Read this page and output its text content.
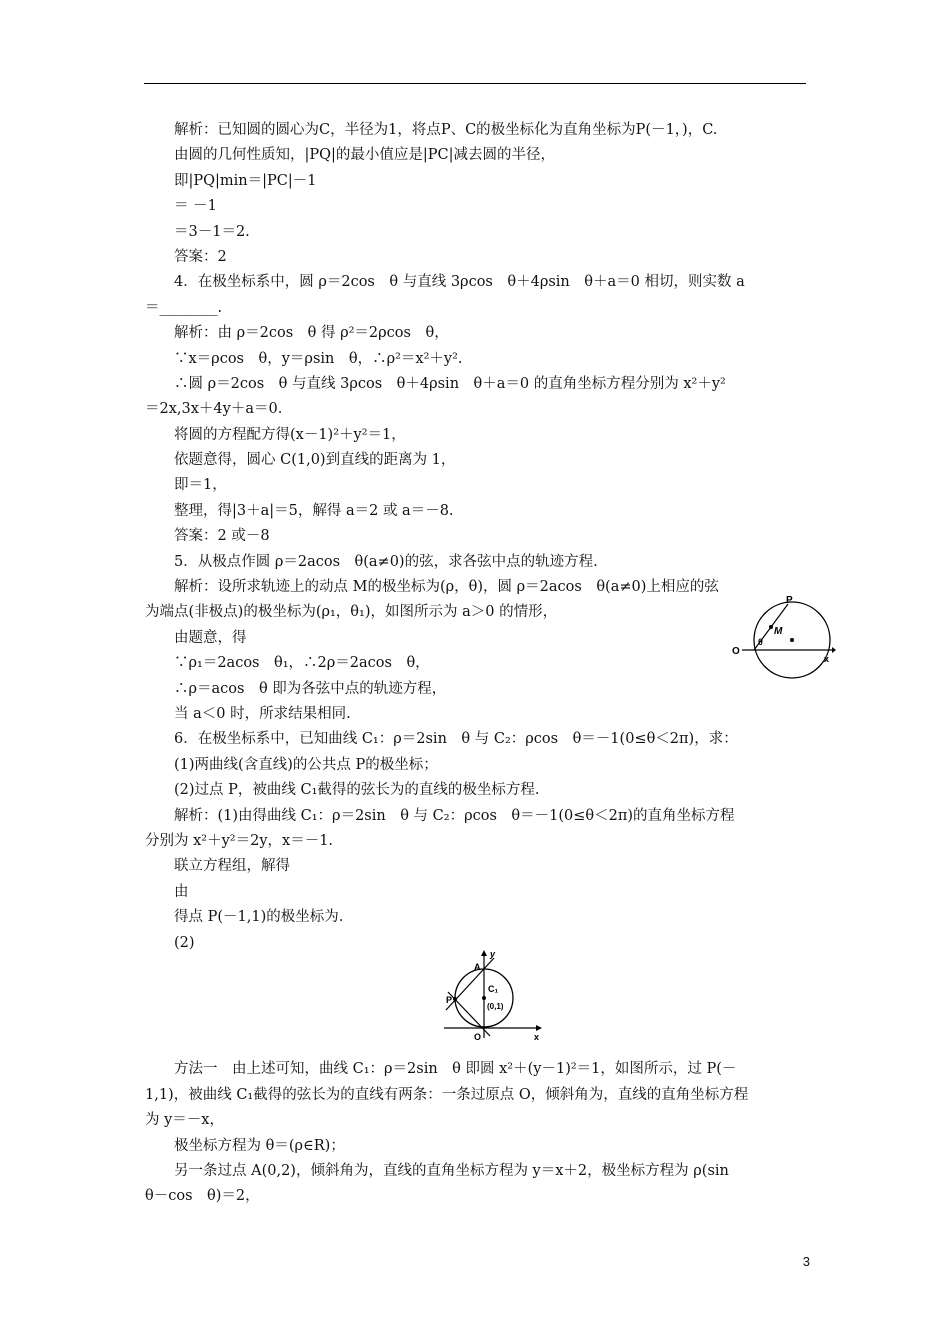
　　解析：已知圆的圆心为C，半径为1，将点P、C的极坐标化为直角坐标为P(－1，)，C.
　　由圆的几何性质知，|PQ|的最小值应是|PC|减去圆的半径，
　　即|PQ|min＝|PC|－1
　　＝ －1
　　＝3－1＝2.
　　答案：2
　　4．在极坐标系中，圆 ρ＝2cos　θ 与直线 3ρcos　θ＋4ρsin　θ＋a＝0 相切，则实数 a
＝________.
　　解析：由 ρ＝2cos　θ 得 ρ²＝2ρcos　θ，
　　∵x＝ρcos　θ，y＝ρsin　θ，∴ρ²＝x²＋y².
　　∴圆 ρ＝2cos　θ 与直线 3ρcos　θ＋4ρsin　θ＋a＝0 的直角坐标方程分别为 x²＋y²
＝2x,3x＋4y＋a＝0.
　　将圆的方程配方得(x－1)²＋y²＝1，
　　依题意得，圆心 C(1,0)到直线的距离为 1，
　　即＝1，
　　整理，得|3＋a|＝5，解得 a＝2 或 a＝－8.
　　答案：2 或－8
　　5．从极点作圆 ρ＝2acos　θ(a≠0)的弦，求各弦中点的轨迹方程.
　　解析：设所求轨迹上的动点 M的极坐标为(ρ，θ)，圆 ρ＝2acos　θ(a≠0)上相应的弦
为端点(非极点)的极坐标为(ρ₁，θ₁)，如图所示为 a＞0 的情形，
　　由题意，得
　　∵ρ₁＝2acos　θ₁，∴2ρ＝2acos　θ，
　　∴ρ＝acos　θ 即为各弦中点的轨迹方程，
　　当 a＜0 时，所求结果相同.
　　6．在极坐标系中，已知曲线 C₁：ρ＝2sin　θ 与 C₂：ρcos　θ＝－1(0≤θ＜2π)，求：
　　(1)两曲线(含直线)的公共点 P的极坐标；
　　(2)过点 P，被曲线 C₁截得的弦长为的直线的极坐标方程.
　　解析：(1)由得曲线 C₁：ρ＝2sin　θ 与 C₂：ρcos　θ＝－1(0≤θ＜2π)的直角坐标方程
分别为 x²＋y²＝2y，x＝－1.
　　联立方程组，解得
　　由
　　得点 P(－1,1)的极坐标为.
　　(2)
　　方法一　由上述可知，曲线 C₁：ρ＝2sin　θ 即圆 x²＋(y－1)²＝1，如图所示，过 P(－
1,1)，被曲线 C₁截得的弦长为的直线有两条：一条过原点 O，倾斜角为，直线的直角坐标方程
为 y＝－x，
　　极坐标方程为 θ＝(ρ∈R)；
　　另一条过点 A(0,2)，倾斜角为，直线的直角坐标方程为 y＝x＋2，极坐标方程为 ρ(sin
θ－cos　θ)＝2，
P
M
θ
O
x
y
A
C₁
(0,1)
P
O	x
3
